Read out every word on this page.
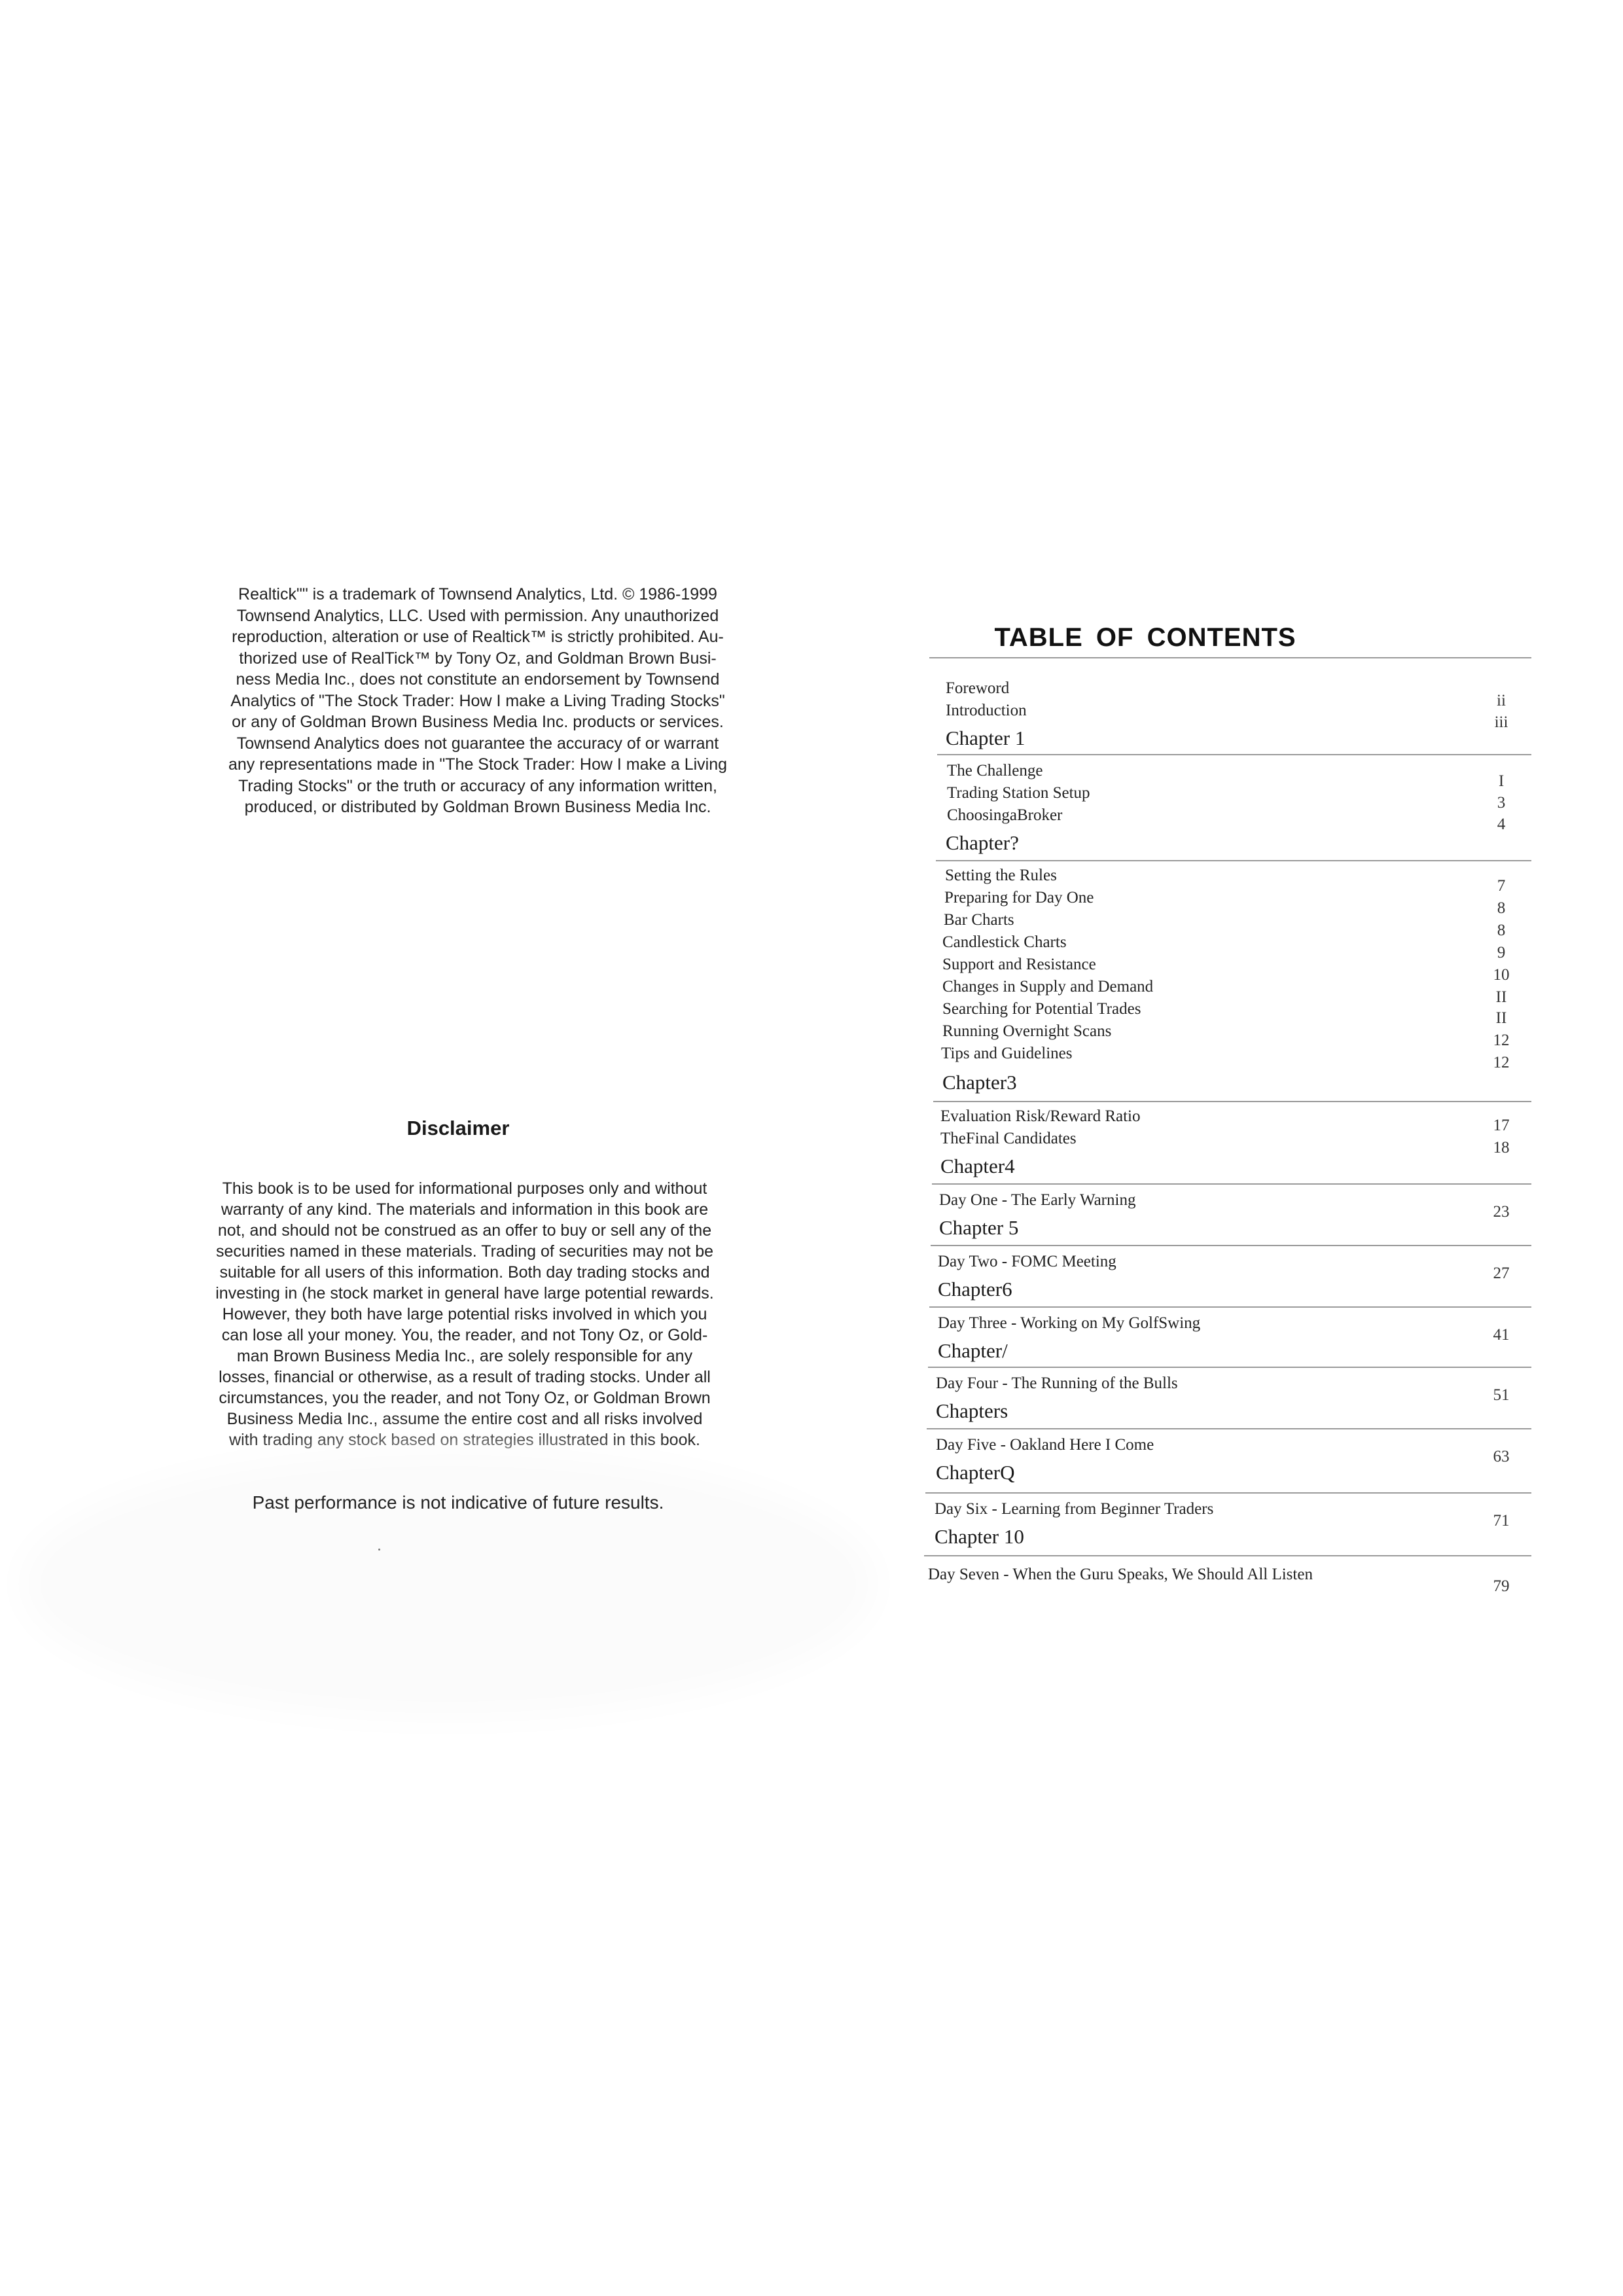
Realtick"" is a trademark of Townsend Analytics, Ltd. © 1986-1999
Townsend Analytics, LLC. Used with permission. Any unauthorized
reproduction, alteration or use of Realtick™ is strictly prohibited. Au-
thorized use of RealTick™ by Tony Oz, and Goldman Brown Busi-
ness Media Inc., does not constitute an endorsement by Townsend
Analytics of "The Stock Trader: How I make a Living Trading Stocks"
or any of Goldman Brown Business Media Inc. products or services.
Townsend Analytics does not guarantee the accuracy of or warrant
any representations made in "The Stock Trader: How I make a Living
Trading Stocks" or the truth or accuracy of any information written,
produced, or distributed by Goldman Brown Business Media Inc.
Disclaimer
This book is to be used for informational purposes only and without
warranty of any kind. The materials and information in this book are
not, and should not be construed as an offer to buy or sell any of the
securities named in these materials. Trading of securities may not be
suitable for all users of this information. Both day trading stocks and
investing in (he stock market in general have large potential rewards.
However, they both have large potential risks involved in which you
can lose all your money. You, the reader, and not Tony Oz, or Gold-
man Brown Business Media Inc., are solely responsible for any
losses, financial or otherwise, as a result of trading stocks. Under all
circumstances, you the reader, and not Tony Oz, or Goldman Brown
Business Media Inc., assume the entire cost and all risks involved
with trading any stock based on strategies illustrated in this book.
Past performance is not indicative of future results.
TABLE OF CONTENTS
Foreword
Introduction
ii
Chapter 1
iii
The Challenge
I
Trading Station Setup
3
ChoosingaBroker
4
Chapter?
Setting the Rules
7
Preparing for Day One
8
Bar Charts
8
Candlestick Charts
9
Support and Resistance
10
Changes in Supply and Demand
II
Searching for Potential Trades
II
Running Overnight Scans
12
Tips and Guidelines
12
Chapter3
Evaluation Risk/Reward Ratio
17
TheFinal Candidates
18
Chapter4
Day One - The Early Warning
23
Chapter 5
Day Two - FOMC Meeting
27
Chapter6
Day Three - Working on My GolfSwing
41
Chapter/
Day Four - The Running of the Bulls
51
Chapters
Day Five - Oakland Here I Come
63
ChapterQ
Day Six - Learning from Beginner Traders
71
Chapter 10
Day Seven - When the Guru Speaks, We Should All Listen
79
